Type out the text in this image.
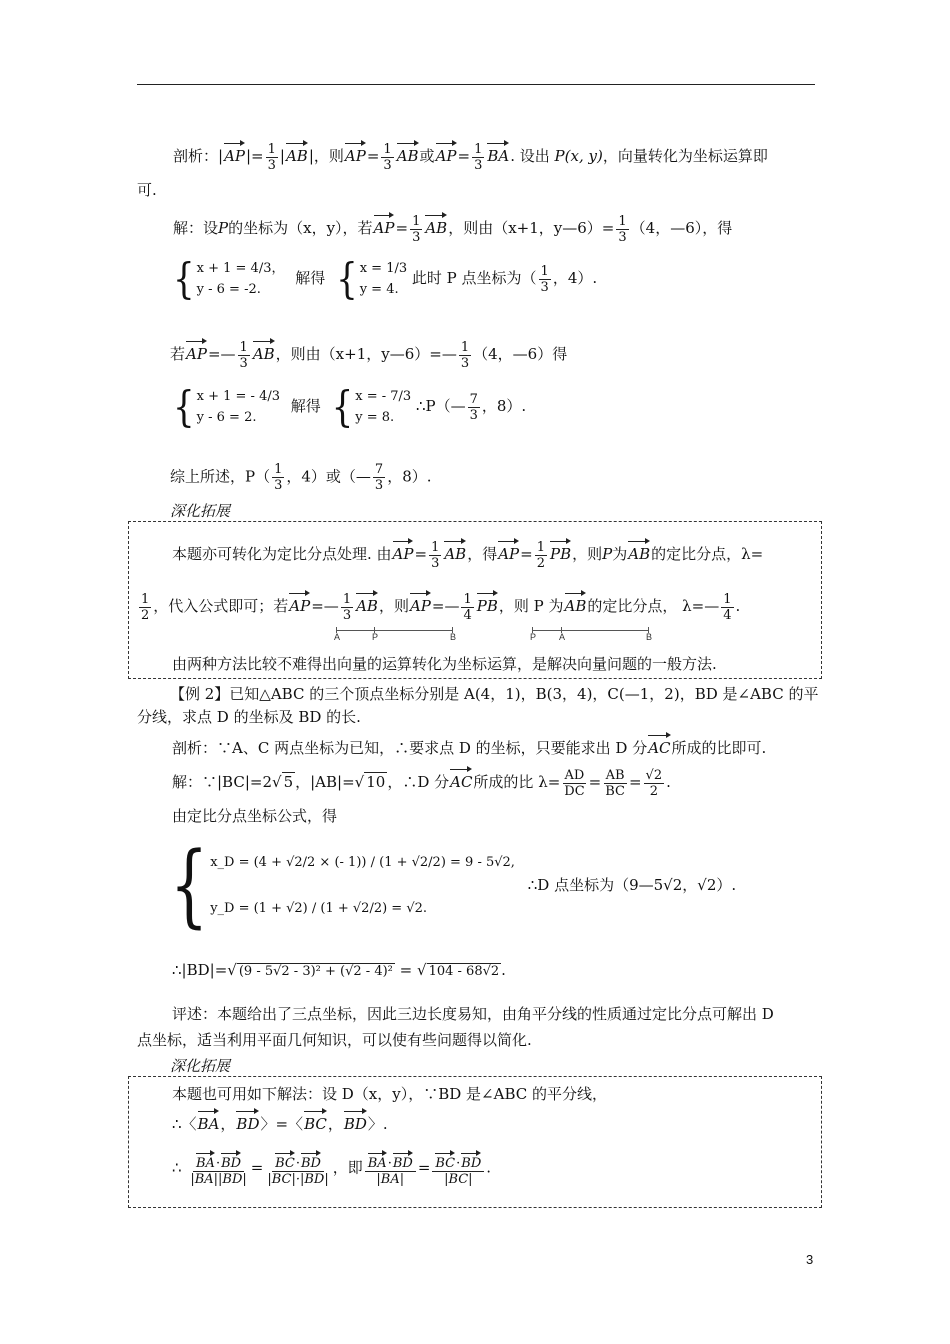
剖析：$|AP|= \frac{1}{3} |AB|$，则$AP= \frac{1}{3}$ AB或$AP= \frac{1}{3}$ BA. 设出 P(x, y)，向量转化为坐标运算即
可.
解：设P的坐标为（x，y），若$AP= \frac{1}{3}$ AB，则由（x+1，y—6）= $\frac{1}{3} (4$，—6），得
{ x + 1 = 4/3，
y - 6 = -2.
解得 { x = 1/3
y = 4.
此时 P 点坐标为（ $\frac{1}{3}$ ，4）.
若AP=— $\frac{1}{3}$ AB，则由（x+1，y—6）=— $\frac{1}{3} (4$，—6）得
{ x + 1 = - 4/3
y - 6 = 2.
解得 { x = - 7/3
y = 8.
∴P（— $\frac{7}{3}$ ，8）.
综上所述，$P( \frac{1}{3}$ ，4）或（— $\frac{7}{3}$ ，8）.
深化拓展
本题亦可转化为定比分点处理. 由$AP= \frac{1}{3}$ AB，得$AP= \frac{1}{2}$ PB，则P为AB的定比分点，λ=
$\frac{1}{2}$ ，代入公式即可；若AP=— $\frac{1}{3}$ AB，则AP=— $\frac{1}{4}$ PB，则 P 为AB的定比分点， λ=— $\frac{1}{4}$ .
A	P	B	P	A	B
由两种方法比较不难得出向量的运算转化为坐标运算，是解决向量问题的一般方法.
【例 2】已知△ABC 的三个顶点坐标分别是 A(4，1)，B(3，4)，C(—1，2)，BD 是∠ABC 的平
分线，求点 D 的坐标及 BD 的长.
剖析：∵A、C 两点坐标为已知，∴要求点 D 的坐标，只要能求出 D 分AC所成的比即可.
解：∵|BC|=2√ 5 ，|AB|=√ 10 ，∴D 分AC所成的比 $\lambda= \frac{AD}{DC} = \frac{AB}{BC} = \frac{√2}{2}$ .
由定比分点坐标公式，得
{ x_D = (4 + √2/2 × (- 1)) / (1 + √2/2) = 9 - 5√2,
y_D = (1 + √2) / (1 + √2/2) = √2.
∴D 点坐标为（9—5√2，√2）.
∴|BD|=√ (9 - 5√2 - 3)² + (√2 - 4)² = √ 104 - 68√2 .
评述：本题给出了三点坐标，因此三边长度易知，由角平分线的性质通过定比分点可解出 D
点坐标，适当利用平面几何知识，可以使有些问题得以简化.
深化拓展
本题也可用如下解法：设 D（x，y），∵BD 是∠ABC 的平分线，
∴〈BA，BD〉=〈BC，BD〉.
∴ $\frac{BA\cdot BD}{|BA||BD|} = \frac{BC\cdot BD}{|BC|\cdot|BD|}$ ，即 $\frac{BA\cdot BD}{|BA|} = \frac{BC\cdot BD}{|BC|}$ .
3
